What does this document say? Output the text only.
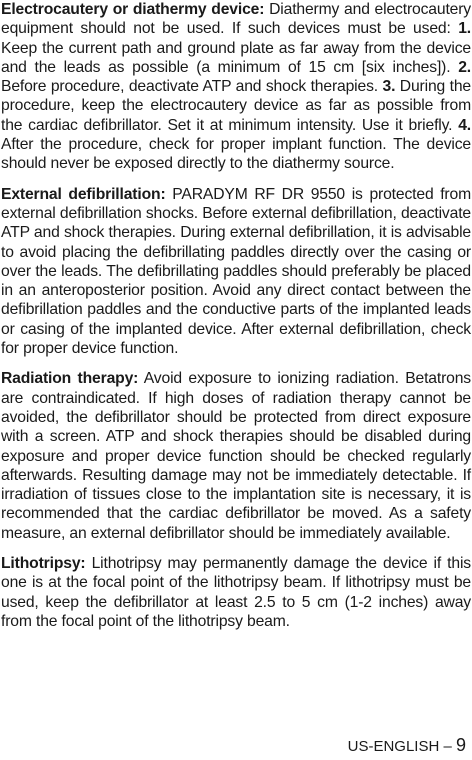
Electrocautery or diathermy device: Diathermy and electrocautery equipment should not be used. If such devices must be used: 1. Keep the current path and ground plate as far away from the device and the leads as possible (a minimum of 15 cm [six inches]). 2. Before procedure, deactivate ATP and shock therapies. 3. During the procedure, keep the electrocautery device as far as possible from the cardiac defibrillator. Set it at minimum intensity. Use it briefly. 4. After the procedure, check for proper implant function. The device should never be exposed directly to the diathermy source.

External defibrillation: PARADYM RF DR 9550 is protected from external defibrillation shocks. Before external defibrillation, deactivate ATP and shock therapies. During external defibrillation, it is advisable to avoid placing the defibrillating paddles directly over the casing or over the leads. The defibrillating paddles should preferably be placed in an anteroposterior position. Avoid any direct contact between the defibrillation paddles and the conductive parts of the implanted leads or casing of the implanted device. After external defibrillation, check for proper device function.

Radiation therapy: Avoid exposure to ionizing radiation. Betatrons are contraindicated. If high doses of radiation therapy cannot be avoided, the defibrillator should be protected from direct exposure with a screen. ATP and shock therapies should be disabled during exposure and proper device function should be checked regularly afterwards. Resulting damage may not be immediately detectable. If irradiation of tissues close to the implantation site is necessary, it is recommended that the cardiac defibrillator be moved. As a safety measure, an external defibrillator should be immediately available.

Lithotripsy: Lithotripsy may permanently damage the device if this one is at the focal point of the lithotripsy beam. If lithotripsy must be used, keep the defibrillator at least 2.5 to 5 cm (1-2 inches) away from the focal point of the lithotripsy beam.

US-ENGLISH – 9
